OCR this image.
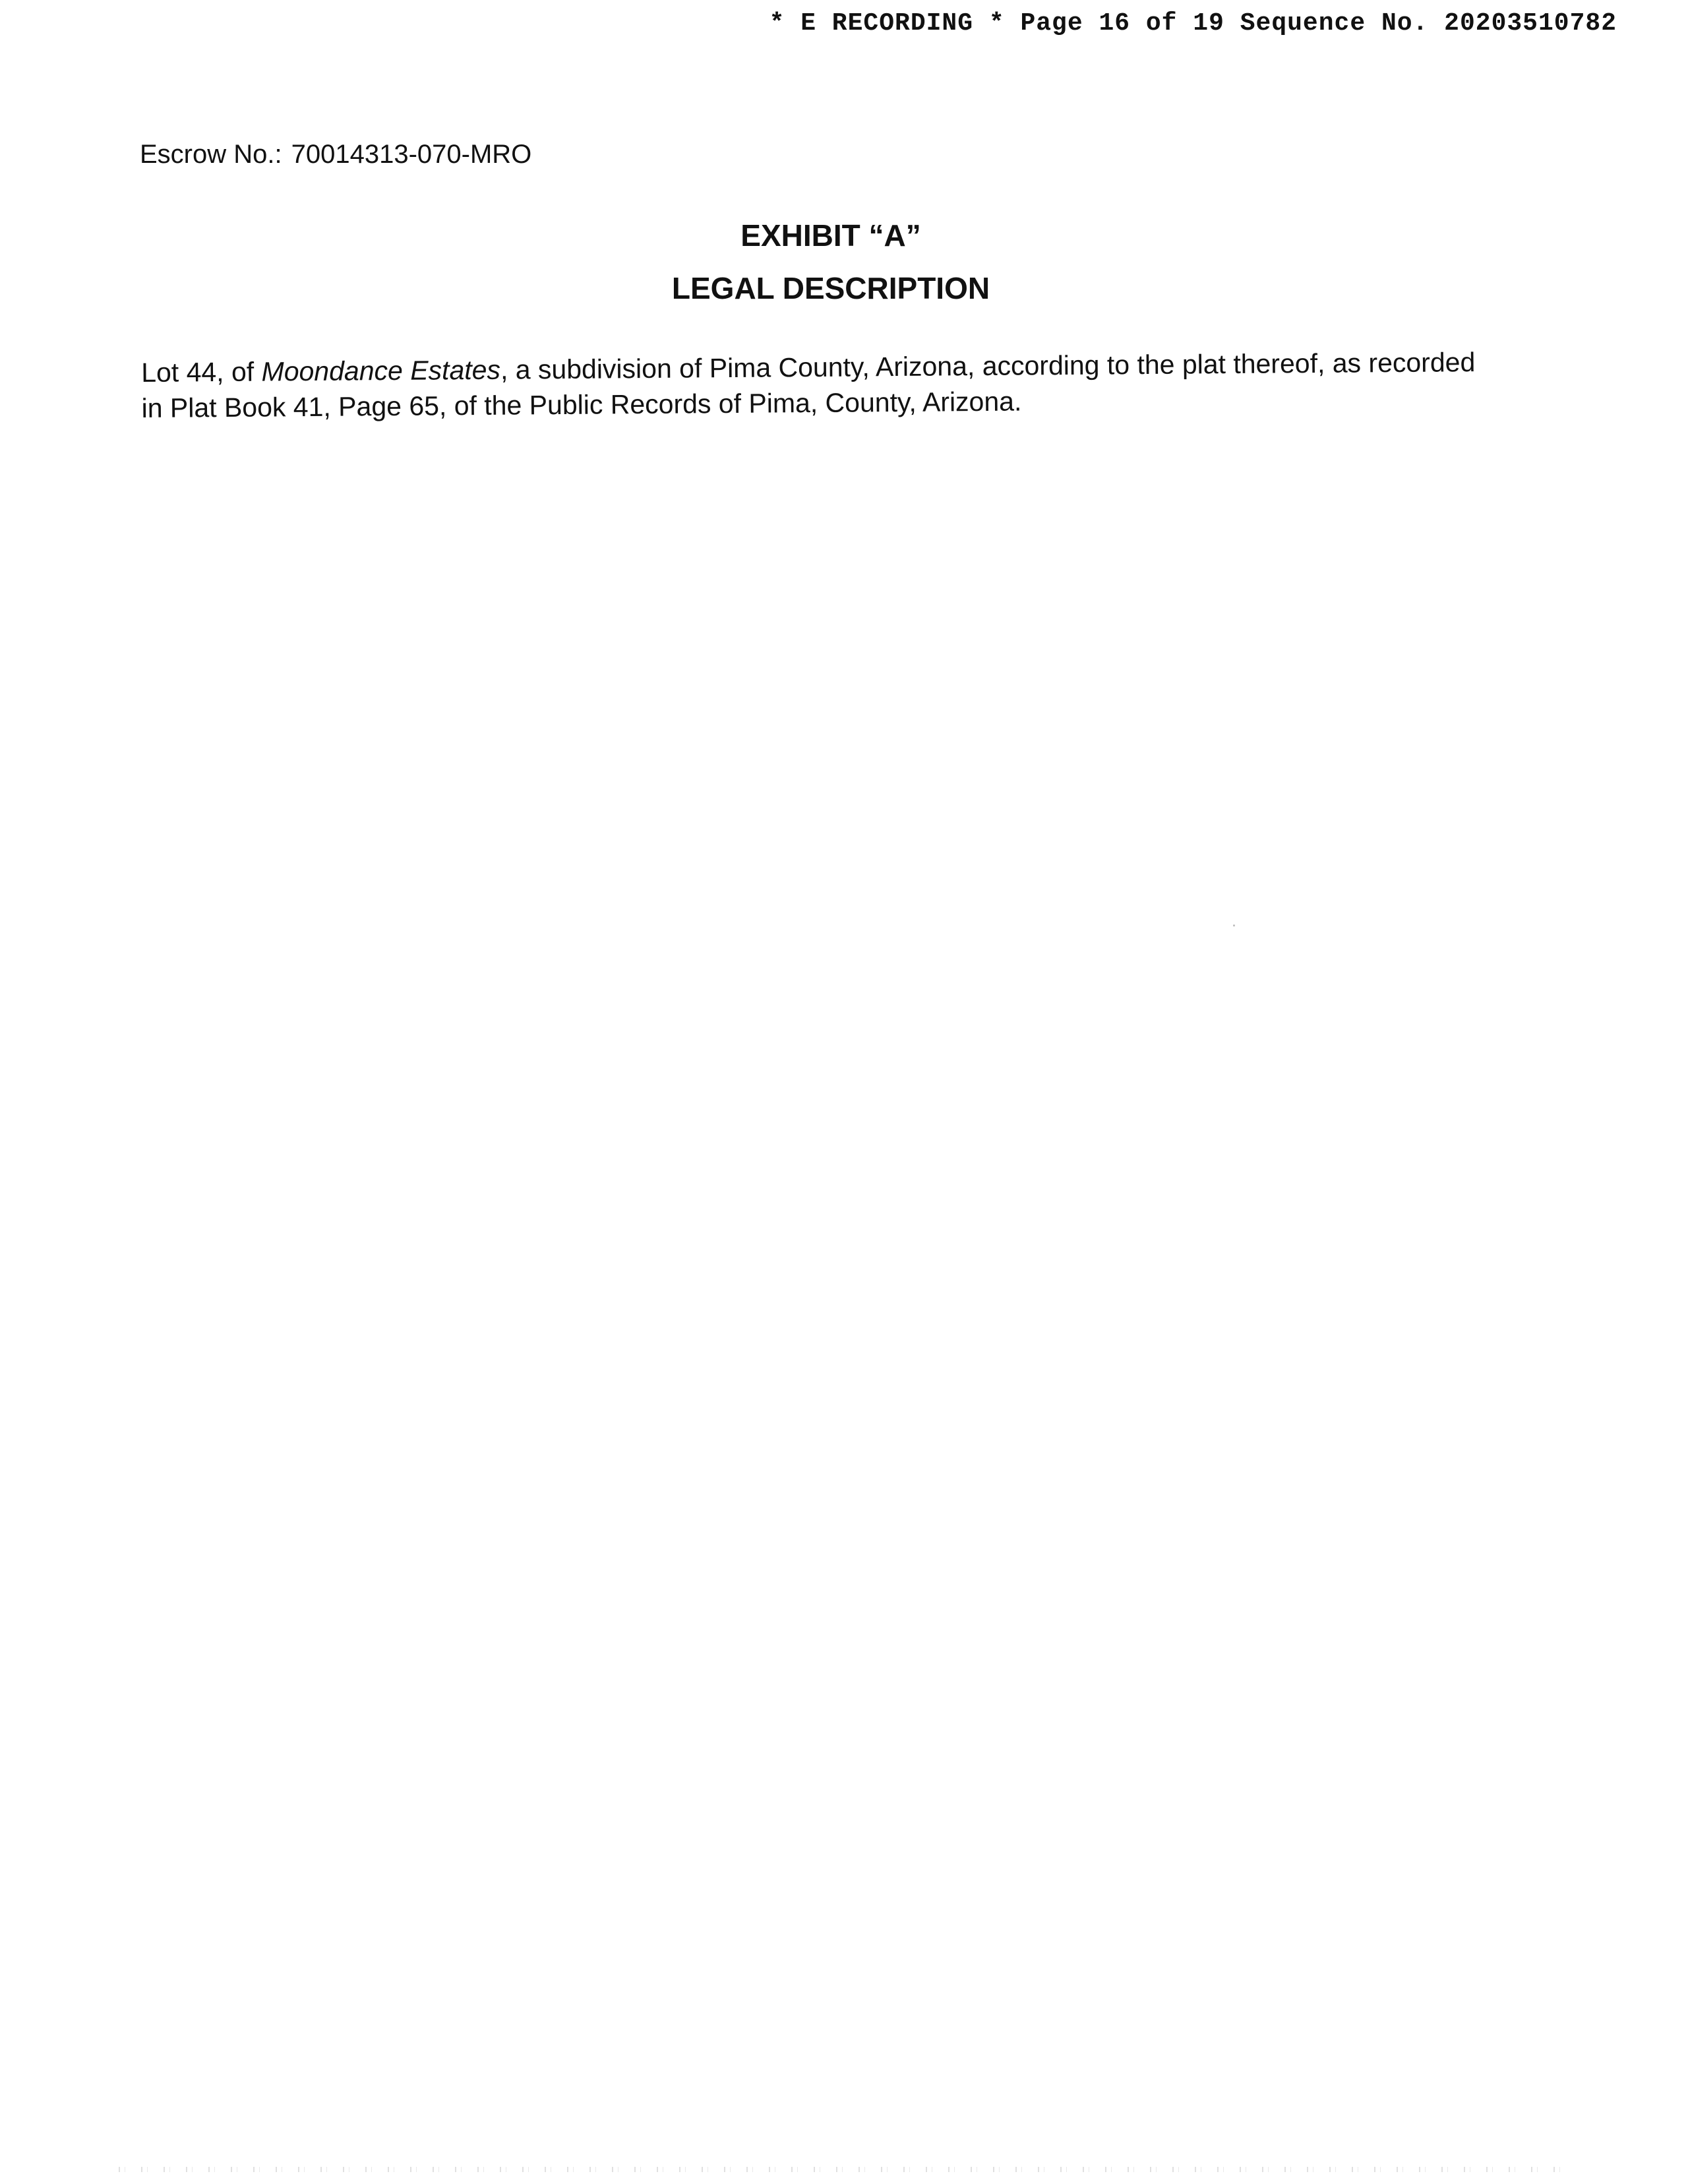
* E RECORDING * Page 16 of 19 Sequence No. 20203510782
Escrow No.: 70014313-070-MRO
EXHIBIT “A”
LEGAL DESCRIPTION

Lot 44, of Moondance Estates, a subdivision of Pima County, Arizona, according to the plat thereof, as recorded

in Plat Book 41, Page 65, of the Public Records of Pima, County, Arizona.
